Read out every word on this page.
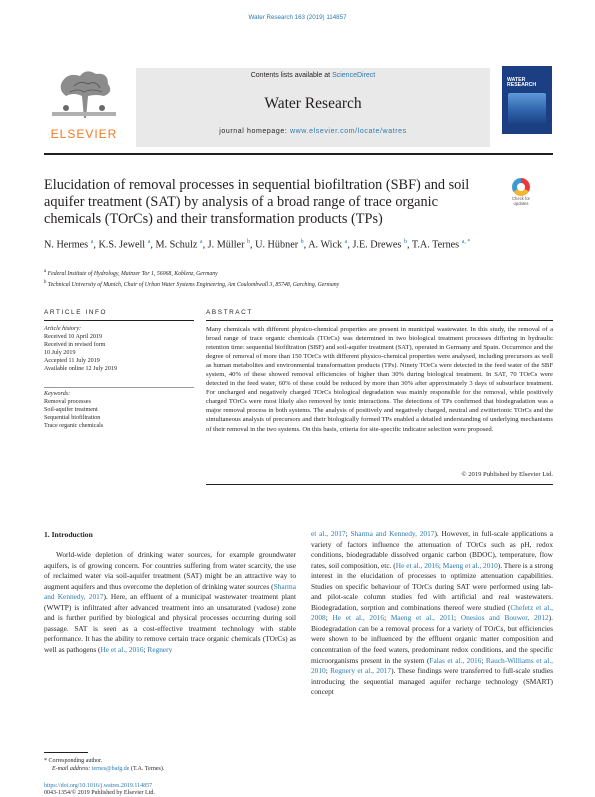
Water Research 163 (2019) 114857
ELSEVIER
Contents lists available at ScienceDirect
Water Research
journal homepage: www.elsevier.com/locate/watres
WATER RESEARCH
Elucidation of removal processes in sequential biofiltration (SBF) and soil aquifer treatment (SAT) by analysis of a broad range of trace organic chemicals (TOrCs) and their transformation products (TPs)
Check for updates
N. Hermes $^a$, K.S. Jewell $^a$, M. Schulz $^a$, J. Müller $^b$, U. Hübner $^b$, A. Wick $^a$, J.E. Drewes $^b$, T.A. Ternes $^{a, *}$
$^a$ Federal Institute of Hydrology, Mainzer Tor 1, 56068, Koblenz, Germany
$^b$ Technical University of Munich, Chair of Urban Water Systems Engineering, Am Coulombwall 3, 85748, Garching, Germany
ARTICLE INFO	ABSTRACT
Article history:
Received 10 April 2019
Received in revised form
10 July 2019
Accepted 11 July 2019
Available online 12 July 2019
Keywords:
Removal processes
Soil-aquifer treatment
Sequential biofiltration
Trace organic chemicals
Many chemicals with different physico-chemical properties are present in municipal wastewater. In this study, the removal of a broad range of trace organic chemicals (TOrCs) was determined in two biological treatment processes differing in hydraulic retention time: sequential biofiltration (SBF) and soil-aquifer treatment (SAT), operated in Germany and Spain. Occurrence and the degree of removal of more than 150 TOrCs with different physico-chemical properties were analysed, including precursors as well as human metabolites and environmental transformation products (TPs). Ninety TOrCs were detected in the feed water of the SBF system, 40% of these showed removal efficiencies of higher than 30% during biological treatment. In SAT, 70 TOrCs were detected in the feed water, 60% of these could be reduced by more than 30% after approximately 3 days of subsurface treatment. For uncharged and negatively charged TOrCs biological degradation was mainly responsible for the removal, while positively charged TOrCs were most likely also removed by ionic interactions. The detections of TPs confirmed that biodegradation was a major removal process in both systems. The analysis of positively and negatively charged, neutral and zwitterionic TOrCs and the simultaneous analysis of precursors and their biologically formed TPs enabled a detailed understanding of underlying mechanisms of their removal in the two systems. On this basis, criteria for site-specific indicator selection were proposed.
© 2019 Published by Elsevier Ltd.
1. Introduction
World-wide depletion of drinking water sources, for example groundwater aquifers, is of growing concern. For countries suffering from water scarcity, the use of reclaimed water via soil-aquifer treatment (SAT) might be an attractive way to augment aquifers and thus overcome the depletion of drinking water sources (Sharma and Kennedy, 2017). Here, an effluent of a municipal wastewater treatment plant (WWTP) is infiltrated after advanced treatment into an unsaturated (vadose) zone and is further purified by biological and physical processes occurring during soil passage. SAT is seen as a cost-effective treatment technology with stable performance. It has the ability to remove certain trace organic chemicals (TOrCs) as well as pathogens (He et al., 2016; Regnery
et al., 2017; Sharma and Kennedy, 2017). However, in full-scale applications a variety of factors influence the attenuation of TOrCs such as pH, redox conditions, biodegradable dissolved organic carbon (BDOC), temperature, flow rates, soil composition, etc. (He et al., 2016; Maeng et al., 2010). There is a strong interest in the elucidation of processes to optimize attenuation capabilities. Studies on specific behaviour of TOrCs during SAT were performed using lab- and pilot-scale column studies fed with artificial and real wastewaters. Biodegradation, sorption and combinations thereof were studied (Chefetz et al., 2008; He et al., 2016; Maeng et al., 2011; Onesios and Bouwer, 2012). Biodegradation can be a removal process for a variety of TOrCs, but efficiencies were shown to be influenced by the effluent organic matter composition and concentration of the feed waters, predominant redox conditions, and the specific microorganisms present in the system (Falas et al., 2016; Rauch-Williams et al., 2010; Regnery et al., 2017). These findings were transferred to full-scale studies introducing the sequential managed aquifer recharge technology (SMART) concept
* Corresponding author.
E-mail address: ternes@bafg.de (T.A. Ternes).
https://doi.org/10.1016/j.watres.2019.114857
0043-1354/© 2019 Published by Elsevier Ltd.
